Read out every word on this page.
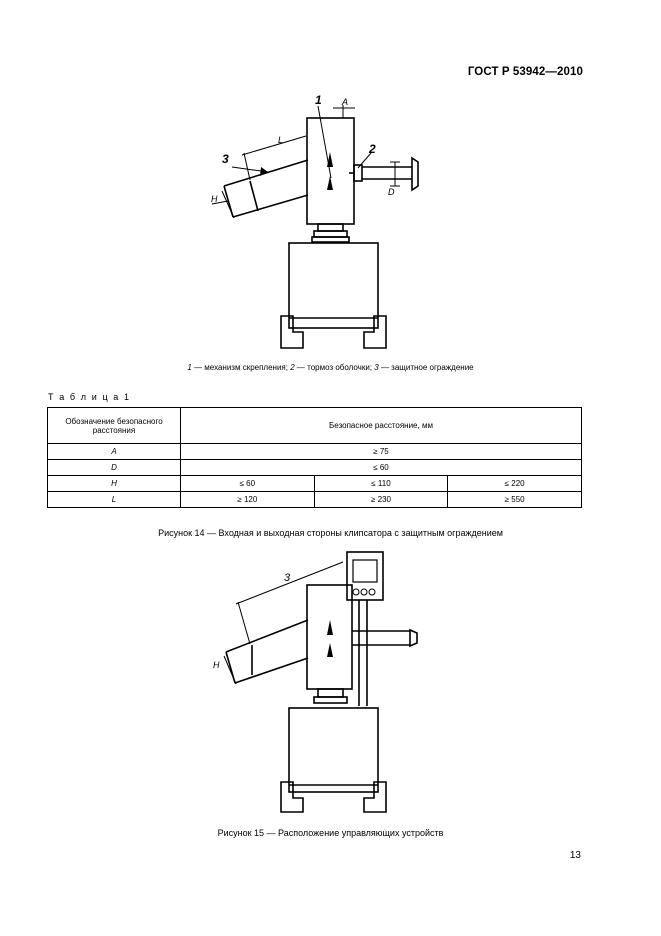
ГОСТ Р 53942—2010
1
2
3
A
D
L
H
1 — механизм скрепления; 2 — тормоз оболочки; 3 — защитное ограждение
Т а б л и ц а 1
Обозначение безопасного расстояния	Безопасное расстояние, мм		
A	≥ 75		
D	≤ 60		
H	≤ 60	≤ 110	≤ 220
L	≥ 120	≥ 230	≥ 550
Рисунок 14 — Входная и выходная стороны клипсатора с защитным ограждением
3
H
Рисунок 15 — Расположение управляющих устройств
13
